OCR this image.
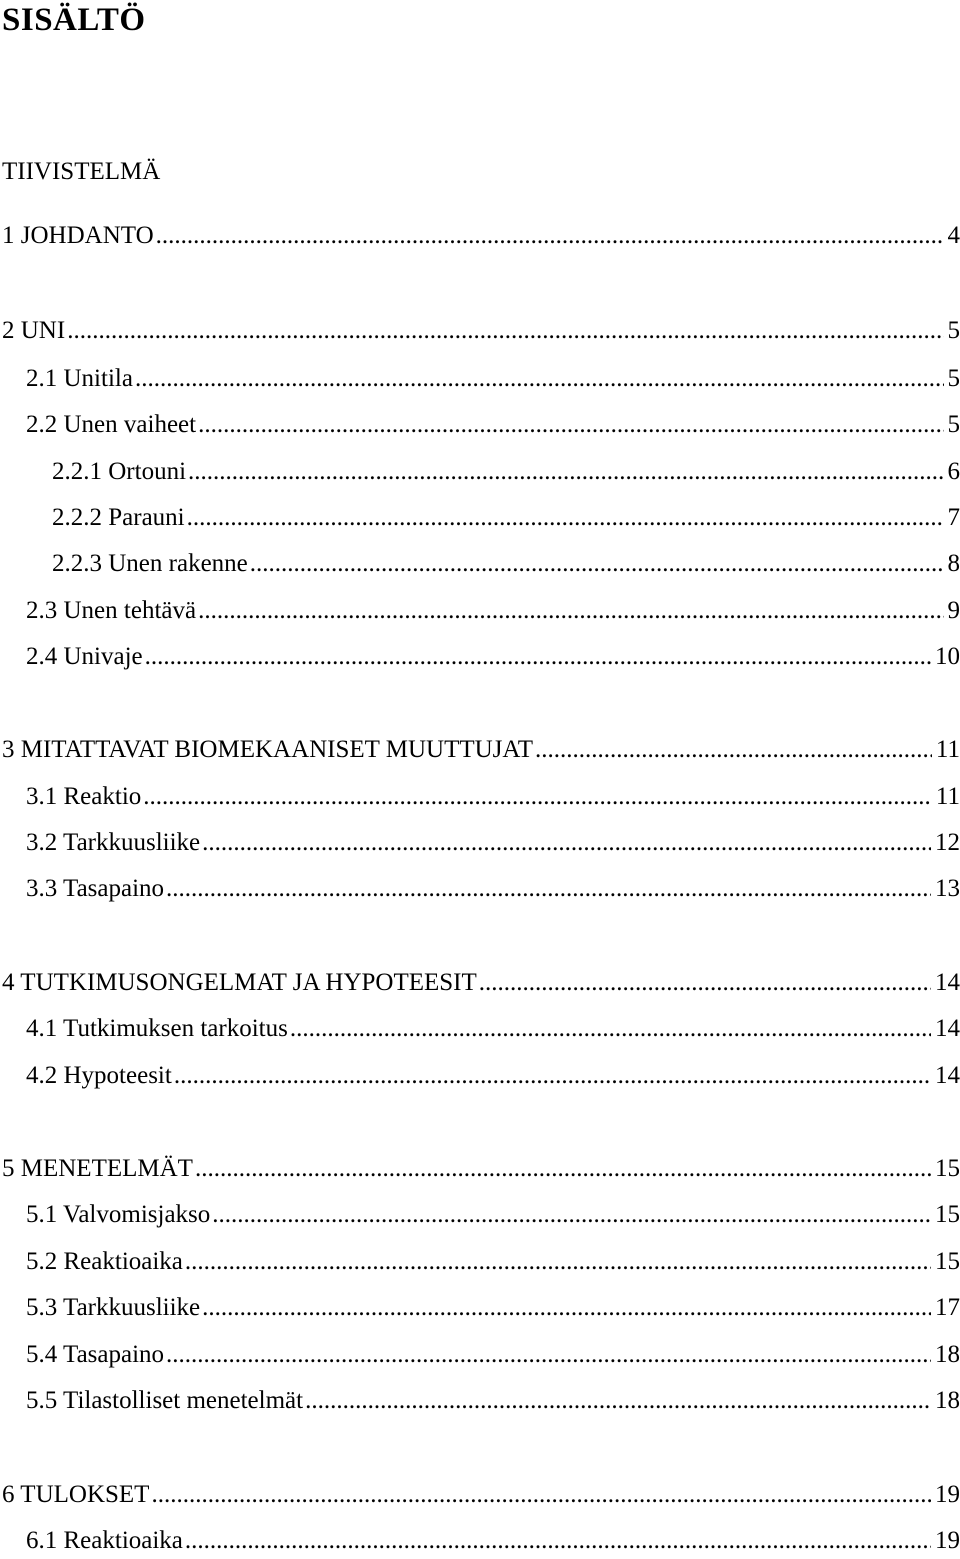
SISÄLTÖ

TIIVISTELMÄ

1 JOHDANTO .....	4
2 UNI .....	5
2.1 Unitila .....	5
2.2 Unen vaiheet .....	5
2.2.1 Ortouni .....	6
2.2.2 Parauni .....	7
2.2.3 Unen rakenne .....	8
2.3 Unen tehtävä .....	9
2.4 Univaje .....	10
3 MITATTAVAT BIOMEKAANISET MUUTTUJAT .....	11
3.1 Reaktio .....	11
3.2 Tarkkuusliike .....	12
3.3 Tasapaino .....	13
4 TUTKIMUSONGELMAT JA HYPOTEESIT .....	14
4.1 Tutkimuksen tarkoitus .....	14
4.2 Hypoteesit .....	14
5 MENETELMÄT .....	15
5.1 Valvomisjakso .....	15
5.2 Reaktioaika .....	15
5.3 Tarkkuusliike .....	17
5.4 Tasapaino .....	18
5.5 Tilastolliset menetelmät .....	18
6 TULOKSET .....	19
6.1 Reaktioaika .....	19
